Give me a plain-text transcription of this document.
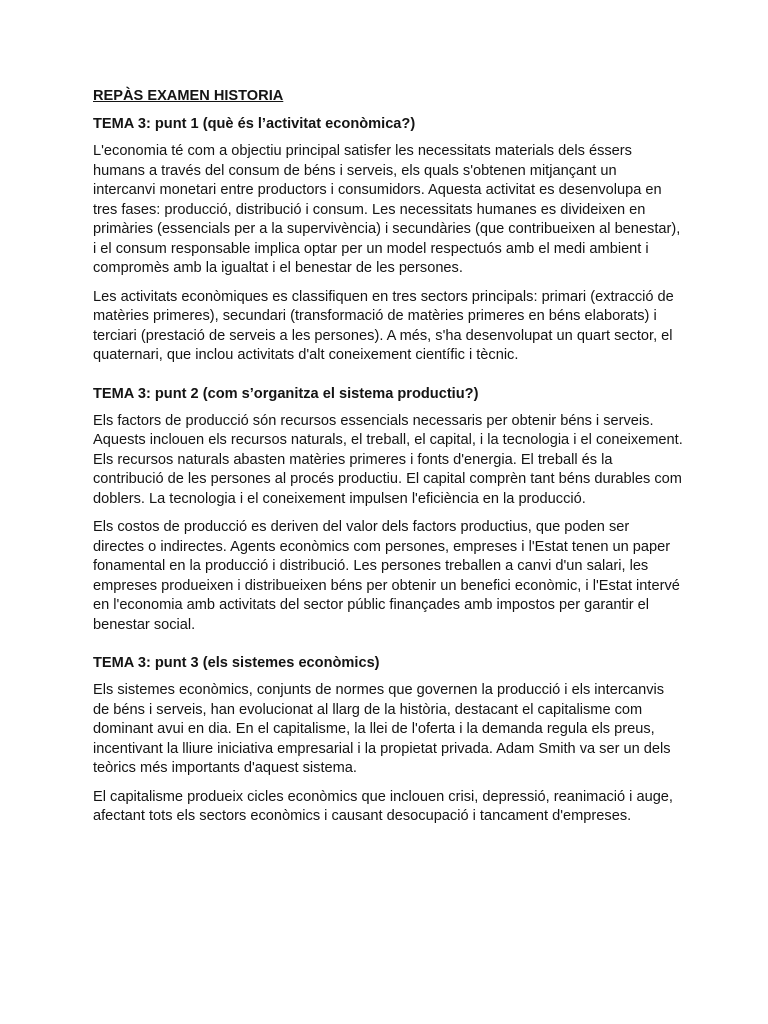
REPÀS EXAMEN HISTORIA
TEMA 3: punt 1 (què és l’activitat econòmica?)

L'economia té com a objectiu principal satisfer les necessitats materials dels éssers humans a través del consum de béns i serveis, els quals s'obtenen mitjançant un intercanvi monetari entre productors i consumidors. Aquesta activitat es desenvolupa en tres fases: producció, distribució i consum. Les necessitats humanes es divideixen en primàries (essencials per a la supervivència) i secundàries (que contribueixen al benestar), i el consum responsable implica optar per un model respectuós amb el medi ambient i compromès amb la igualtat i el benestar de les persones.

Les activitats econòmiques es classifiquen en tres sectors principals: primari (extracció de matèries primeres), secundari (transformació de matèries primeres en béns elaborats) i terciari (prestació de serveis a les persones). A més, s'ha desenvolupat un quart sector, el quaternari, que inclou activitats d'alt coneixement científic i tècnic.

TEMA 3: punt 2 (com s’organitza el sistema productiu?)

Els factors de producció són recursos essencials necessaris per obtenir béns i serveis. Aquests inclouen els recursos naturals, el treball, el capital, i la tecnologia i el coneixement. Els recursos naturals abasten matèries primeres i fonts d'energia. El treball és la contribució de les persones al procés productiu. El capital comprèn tant béns durables com doblers. La tecnologia i el coneixement impulsen l'eficiència en la producció.

Els costos de producció es deriven del valor dels factors productius, que poden ser directes o indirectes. Agents econòmics com persones, empreses i l'Estat tenen un paper fonamental en la producció i distribució. Les persones treballen a canvi d'un salari, les empreses produeixen i distribueixen béns per obtenir un benefici econòmic, i l'Estat intervé en l'economia amb activitats del sector públic finançades amb impostos per garantir el benestar social.

TEMA 3: punt 3 (els sistemes econòmics)

Els sistemes econòmics, conjunts de normes que governen la producció i els intercanvis de béns i serveis, han evolucionat al llarg de la història, destacant el capitalisme com dominant avui en dia. En el capitalisme, la llei de l'oferta i la demanda regula els preus, incentivant la lliure iniciativa empresarial i la propietat privada. Adam Smith va ser un dels teòrics més importants d'aquest sistema.

El capitalisme produeix cicles econòmics que inclouen crisi, depressió, reanimació i auge, afectant tots els sectors econòmics i causant desocupació i tancament d'empreses.
